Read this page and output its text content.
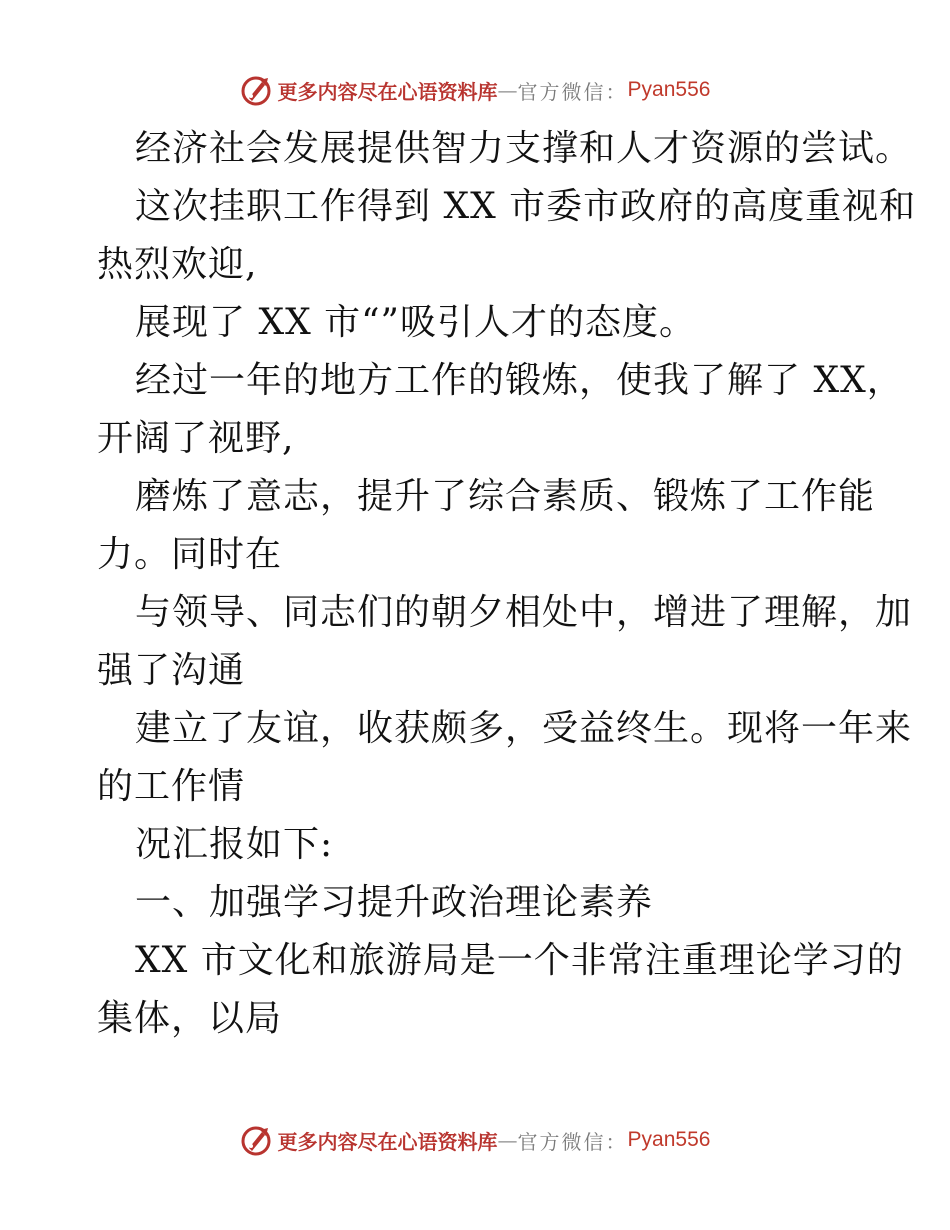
更多内容尽在心语资料库 — 官方微信： Pyan556
经济社会发展提供智力支撑和人才资源的尝试。
这次挂职工作得到 XX 市委市政府的高度重视和
热烈欢迎,
展现了 XX 市“”吸引人才的态度。
经过一年的地方工作的锻炼，使我了解了 XX，
开阔了视野,
磨炼了意志，提升了综合素质、锻炼了工作能
力。同时在
与领导、同志们的朝夕相处中，增进了理解，加
强了沟通
建立了友谊，收获颇多，受益终生。现将一年来
的工作情
况汇报如下:
一、加强学习提升政治理论素养
XX 市文化和旅游局是一个非常注重理论学习的
集体，以局
更多内容尽在心语资料库 — 官方微信： Pyan556
